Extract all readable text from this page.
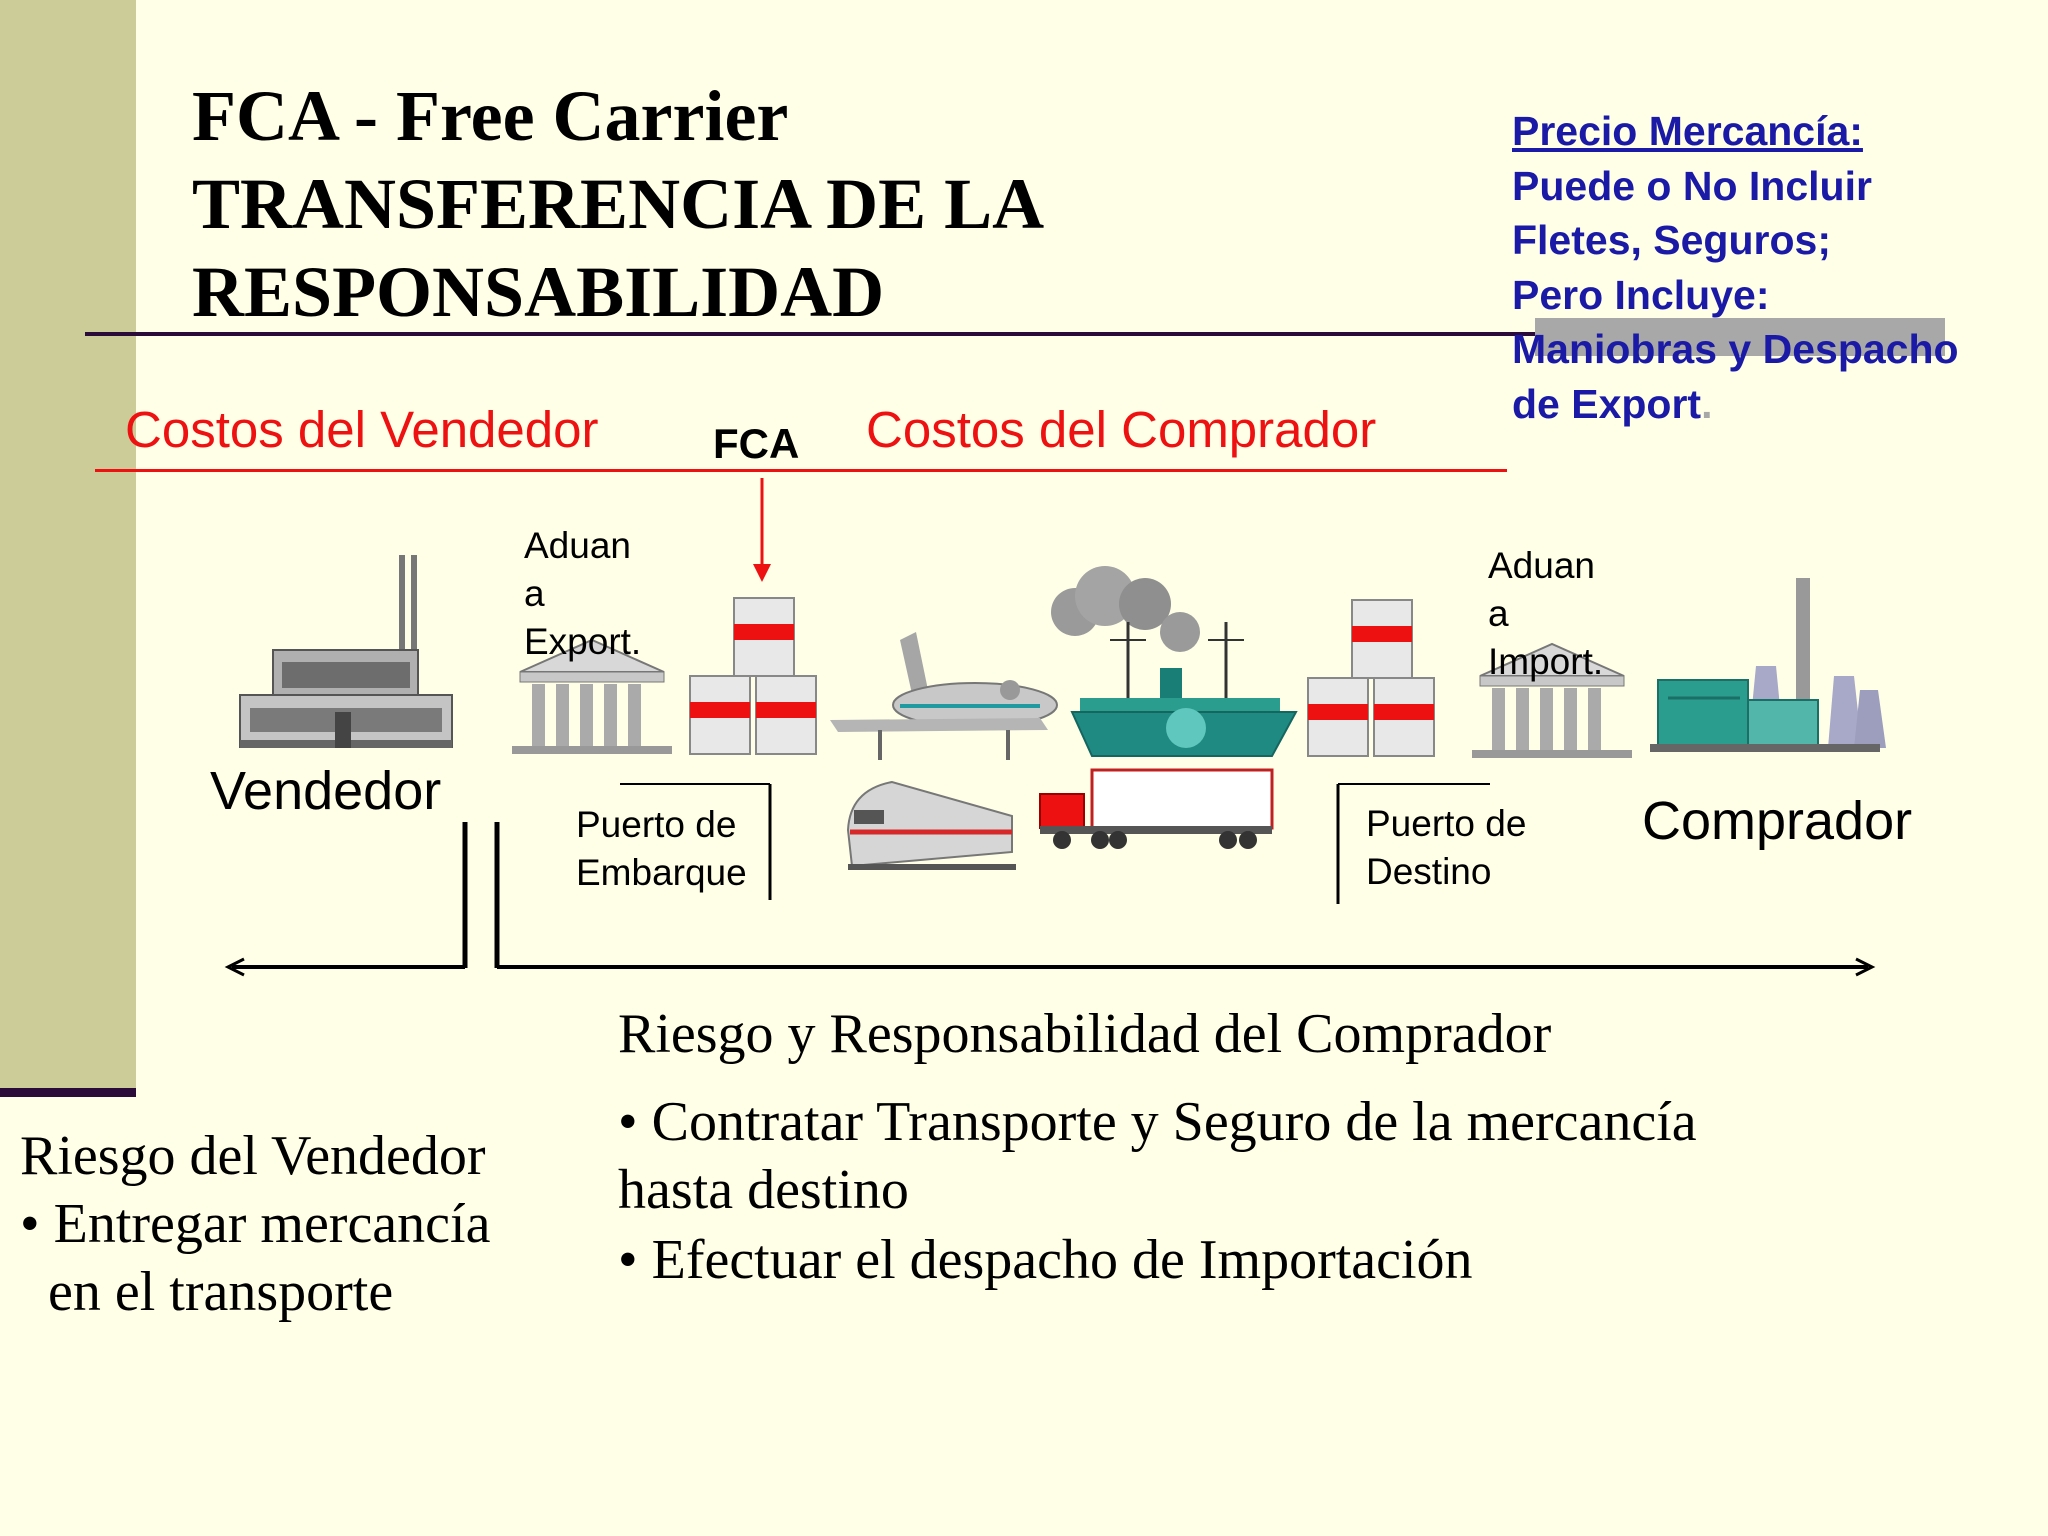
FCA - Free Carrier
TRANSFERENCIA DE LA
RESPONSABILIDAD
Precio Mercancía:
Puede o No Incluir
Fletes, Seguros;
Pero Incluye:
Maniobras y Despacho
de Export.
Costos del Vendedor	FCA Costos del Comprador
Vendedor	Comprador
Aduan
a
Export.
Aduan
a
Import.
Puerto de
Embarque
Puerto de
Destino
Riesgo y Responsabilidad del Comprador
• Contratar Transporte y Seguro de la mercancía
hasta destino
• Efectuar el despacho de Importación
Riesgo del Vendedor
• Entregar mercancía
en el transporte
